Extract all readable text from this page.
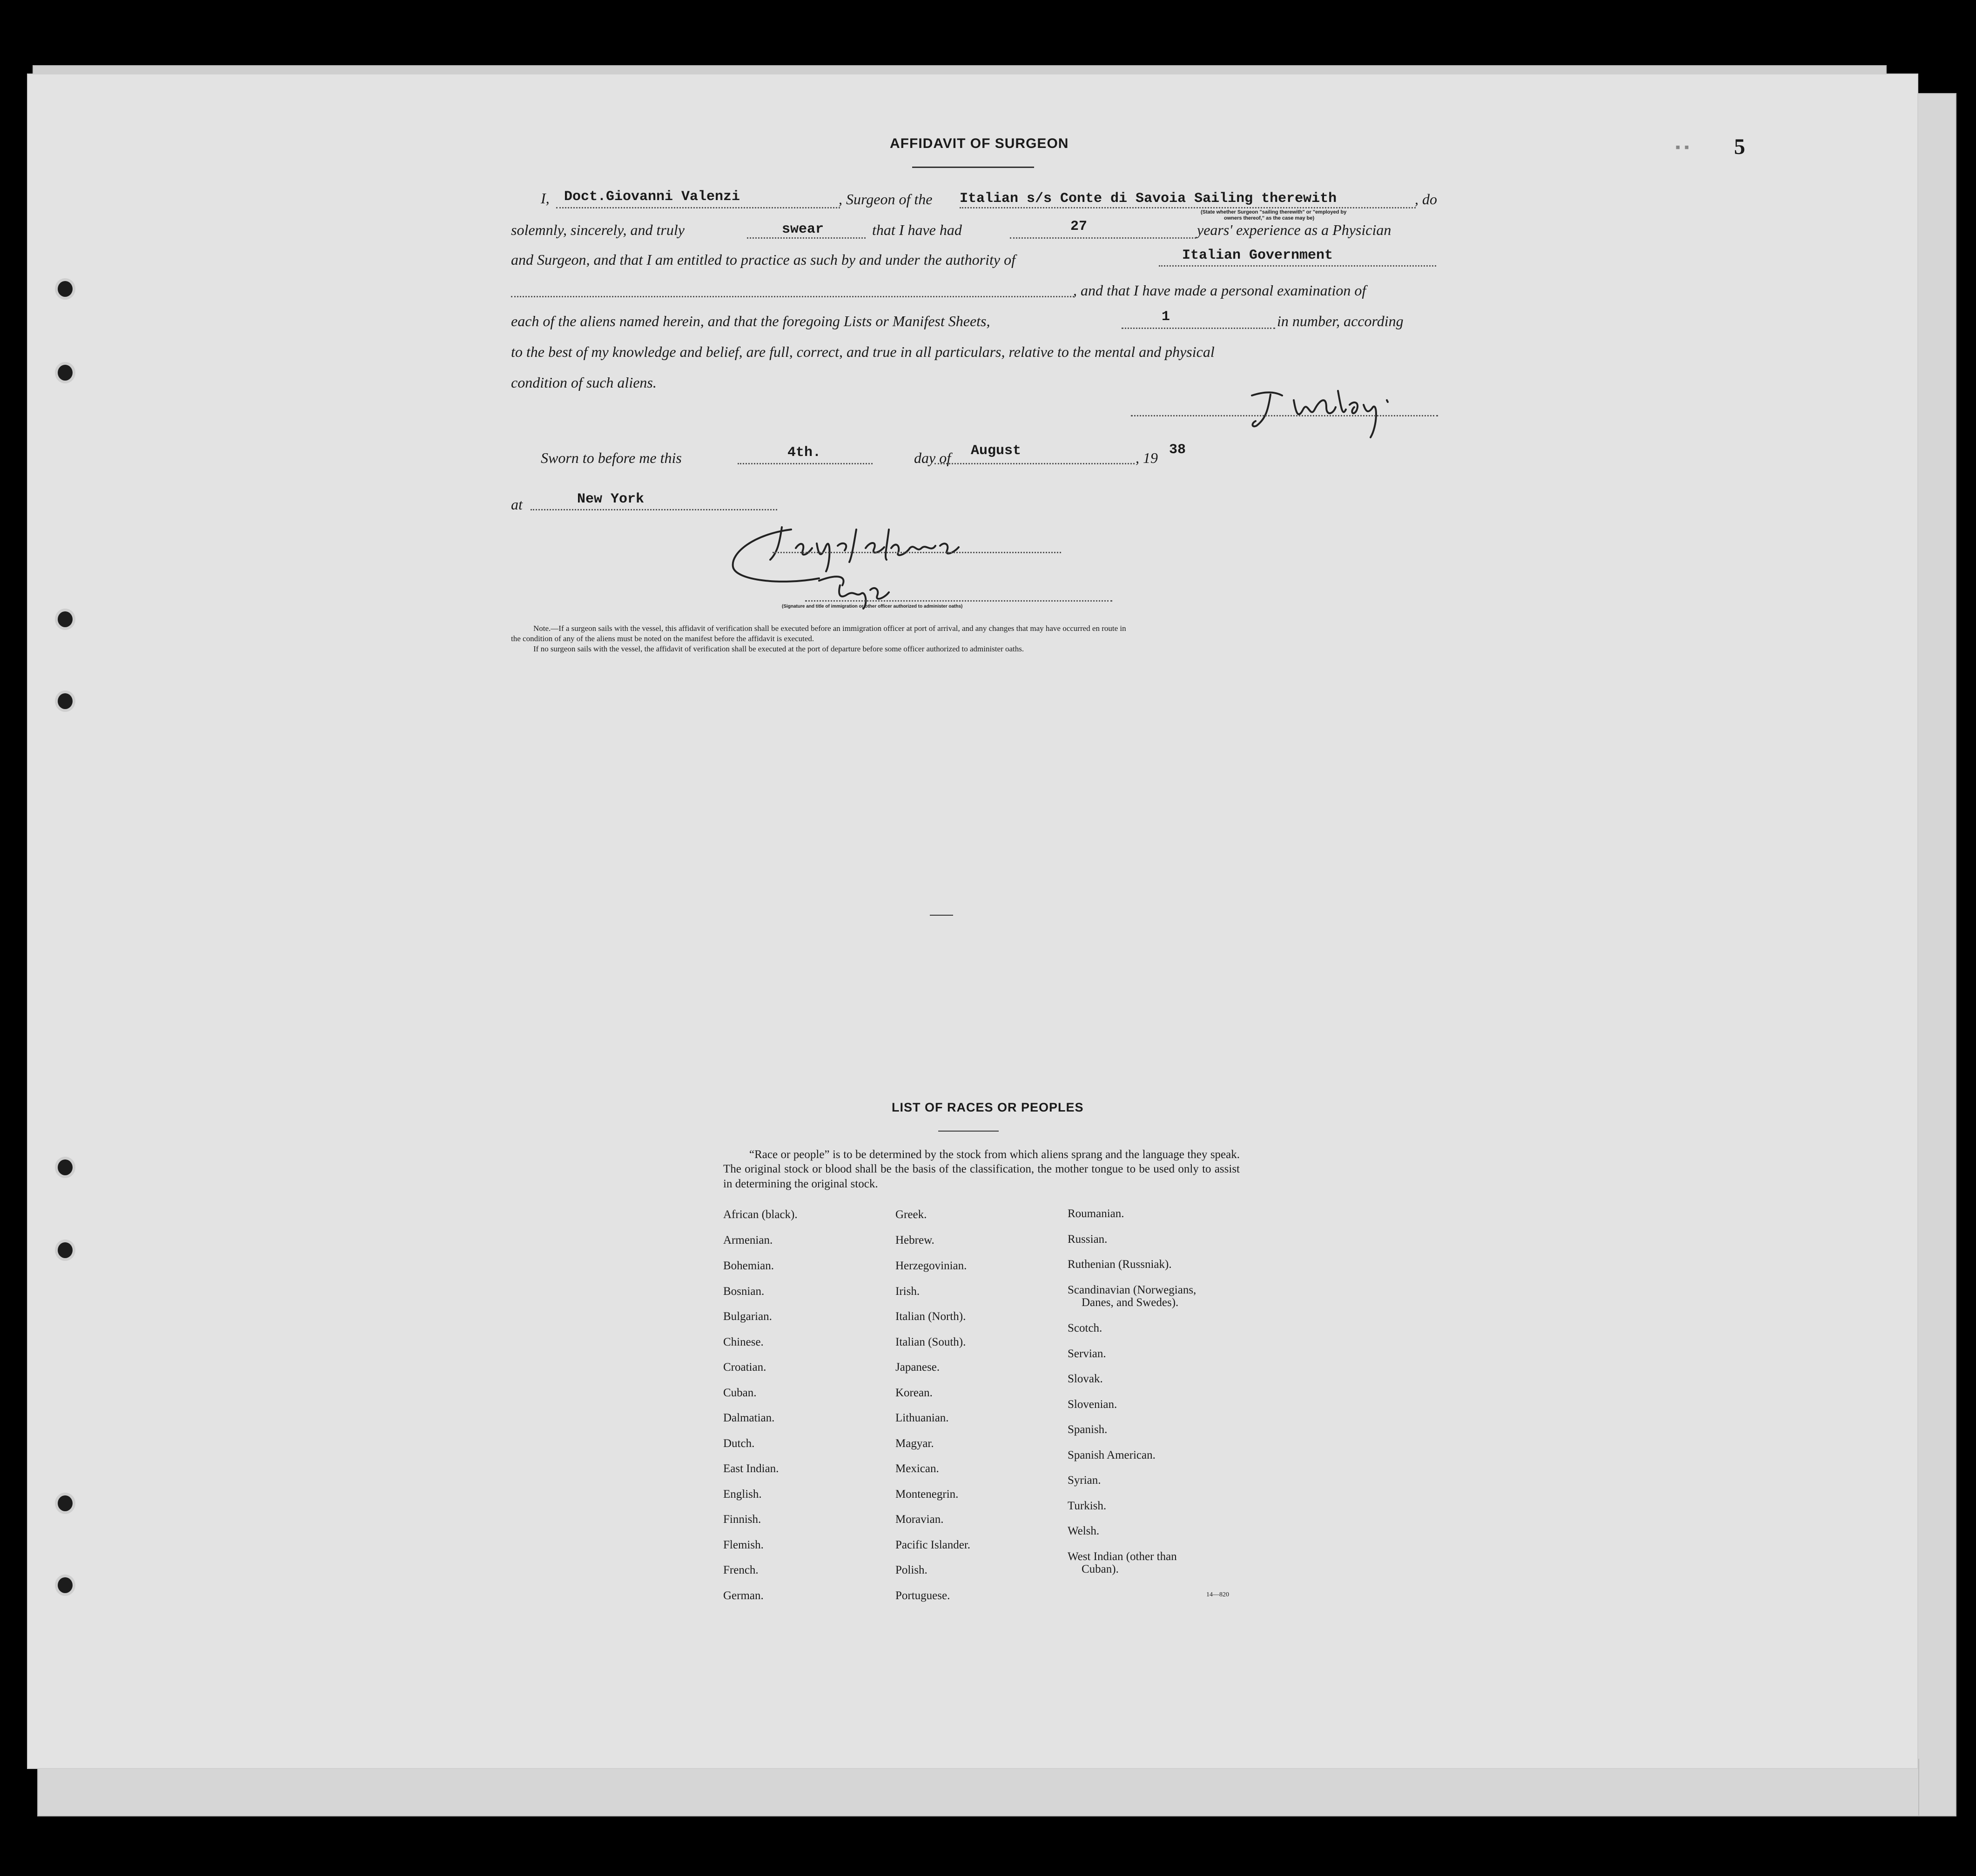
▪ ▪ 5
AFFIDAVIT OF SURGEON
I, Doct.Giovanni Valenzi	, Surgeon of the Italian s/s Conte di Savoia Sailing therewith	, do
(State whether Surgeon "sailing therewith" or "employed by
owners thereof," as the case may be)
solemnly, sincerely, and truly	swear	that I have had	27	years' experience as a Physician
and Surgeon, and that I am entitled to practice as such by and under the authority of	Italian Government
, and that I have made a personal examination of
each of the aliens named herein, and that the foregoing Lists or Manifest Sheets,	1	in number, according
to the best of my knowledge and belief, are full, correct, and true in all particulars, relative to the mental and physical
condition of such aliens.
Sworn to before me this	4th.	day of August	, 19 38
at	New York
(Signature and title of immigration or other officer authorized to administer oaths)
Note.—If a surgeon sails with the vessel, this affidavit of verification shall be executed before an immigration officer at port of arrival, and any changes that may have occurred en route in
the condition of any of the aliens must be noted on the manifest before the affidavit is executed.
If no surgeon sails with the vessel, the affidavit of verification shall be executed at the port of departure before some officer authorized to administer oaths.
LIST OF RACES OR PEOPLES
“Race or people” is to be determined by the stock from which aliens sprang and the language they speak. The original stock or blood shall be the basis of the classification, the mother tongue to be used only to assist in determining the original stock.
African (black).
Armenian.
Bohemian.
Bosnian.
Bulgarian.
Chinese.
Croatian.
Cuban.
Dalmatian.
Dutch.
East Indian.
English.
Finnish.
Flemish.
French.
German.
Greek.
Hebrew.
Herzegovinian.
Irish.
Italian (North).
Italian (South).
Japanese.
Korean.
Lithuanian.
Magyar.
Mexican.
Montenegrin.
Moravian.
Pacific Islander.
Polish.
Portuguese.
Roumanian.
Russian.
Ruthenian (Russniak).
Scandinavian (Norwegians,
Danes, and Swedes).
Scotch.
Servian.
Slovak.
Slovenian.
Spanish.
Spanish American.
Syrian.
Turkish.
Welsh.
West Indian (other than
Cuban).
14—820
